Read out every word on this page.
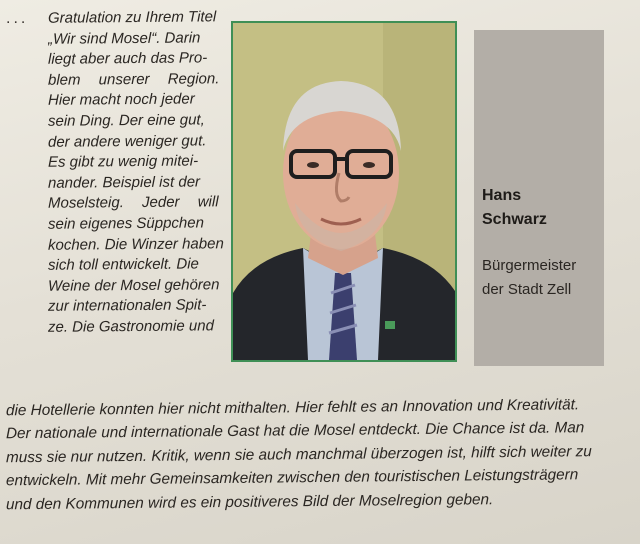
... Gratulation zu Ihrem Titel
„Wir sind Mosel“. Darin
liegt aber auch das Pro-
blem unserer Region.
Hier macht noch jeder
sein Ding. Der eine gut,
der andere weniger gut.
Es gibt zu wenig mitei-
nander. Beispiel ist der
Moselsteig. Jeder will
sein eigenes Süppchen
kochen. Die Winzer haben
sich toll entwickelt. Die
Weine der Mosel gehören
zur internationalen Spit-
ze. Die Gastronomie und
Hans
Schwarz
Bürgermeister
der Stadt Zell
die Hotellerie konnten hier nicht mithalten. Hier fehlt es an Innovation und Kreativität.
Der nationale und internationale Gast hat die Mosel entdeckt. Die Chance ist da. Man
muss sie nur nutzen. Kritik, wenn sie auch manchmal überzogen ist, hilft sich weiter zu
entwickeln. Mit mehr Gemeinsamkeiten zwischen den touristischen Leistungsträgern
und den Kommunen wird es ein positiveres Bild der Moselregion geben.
